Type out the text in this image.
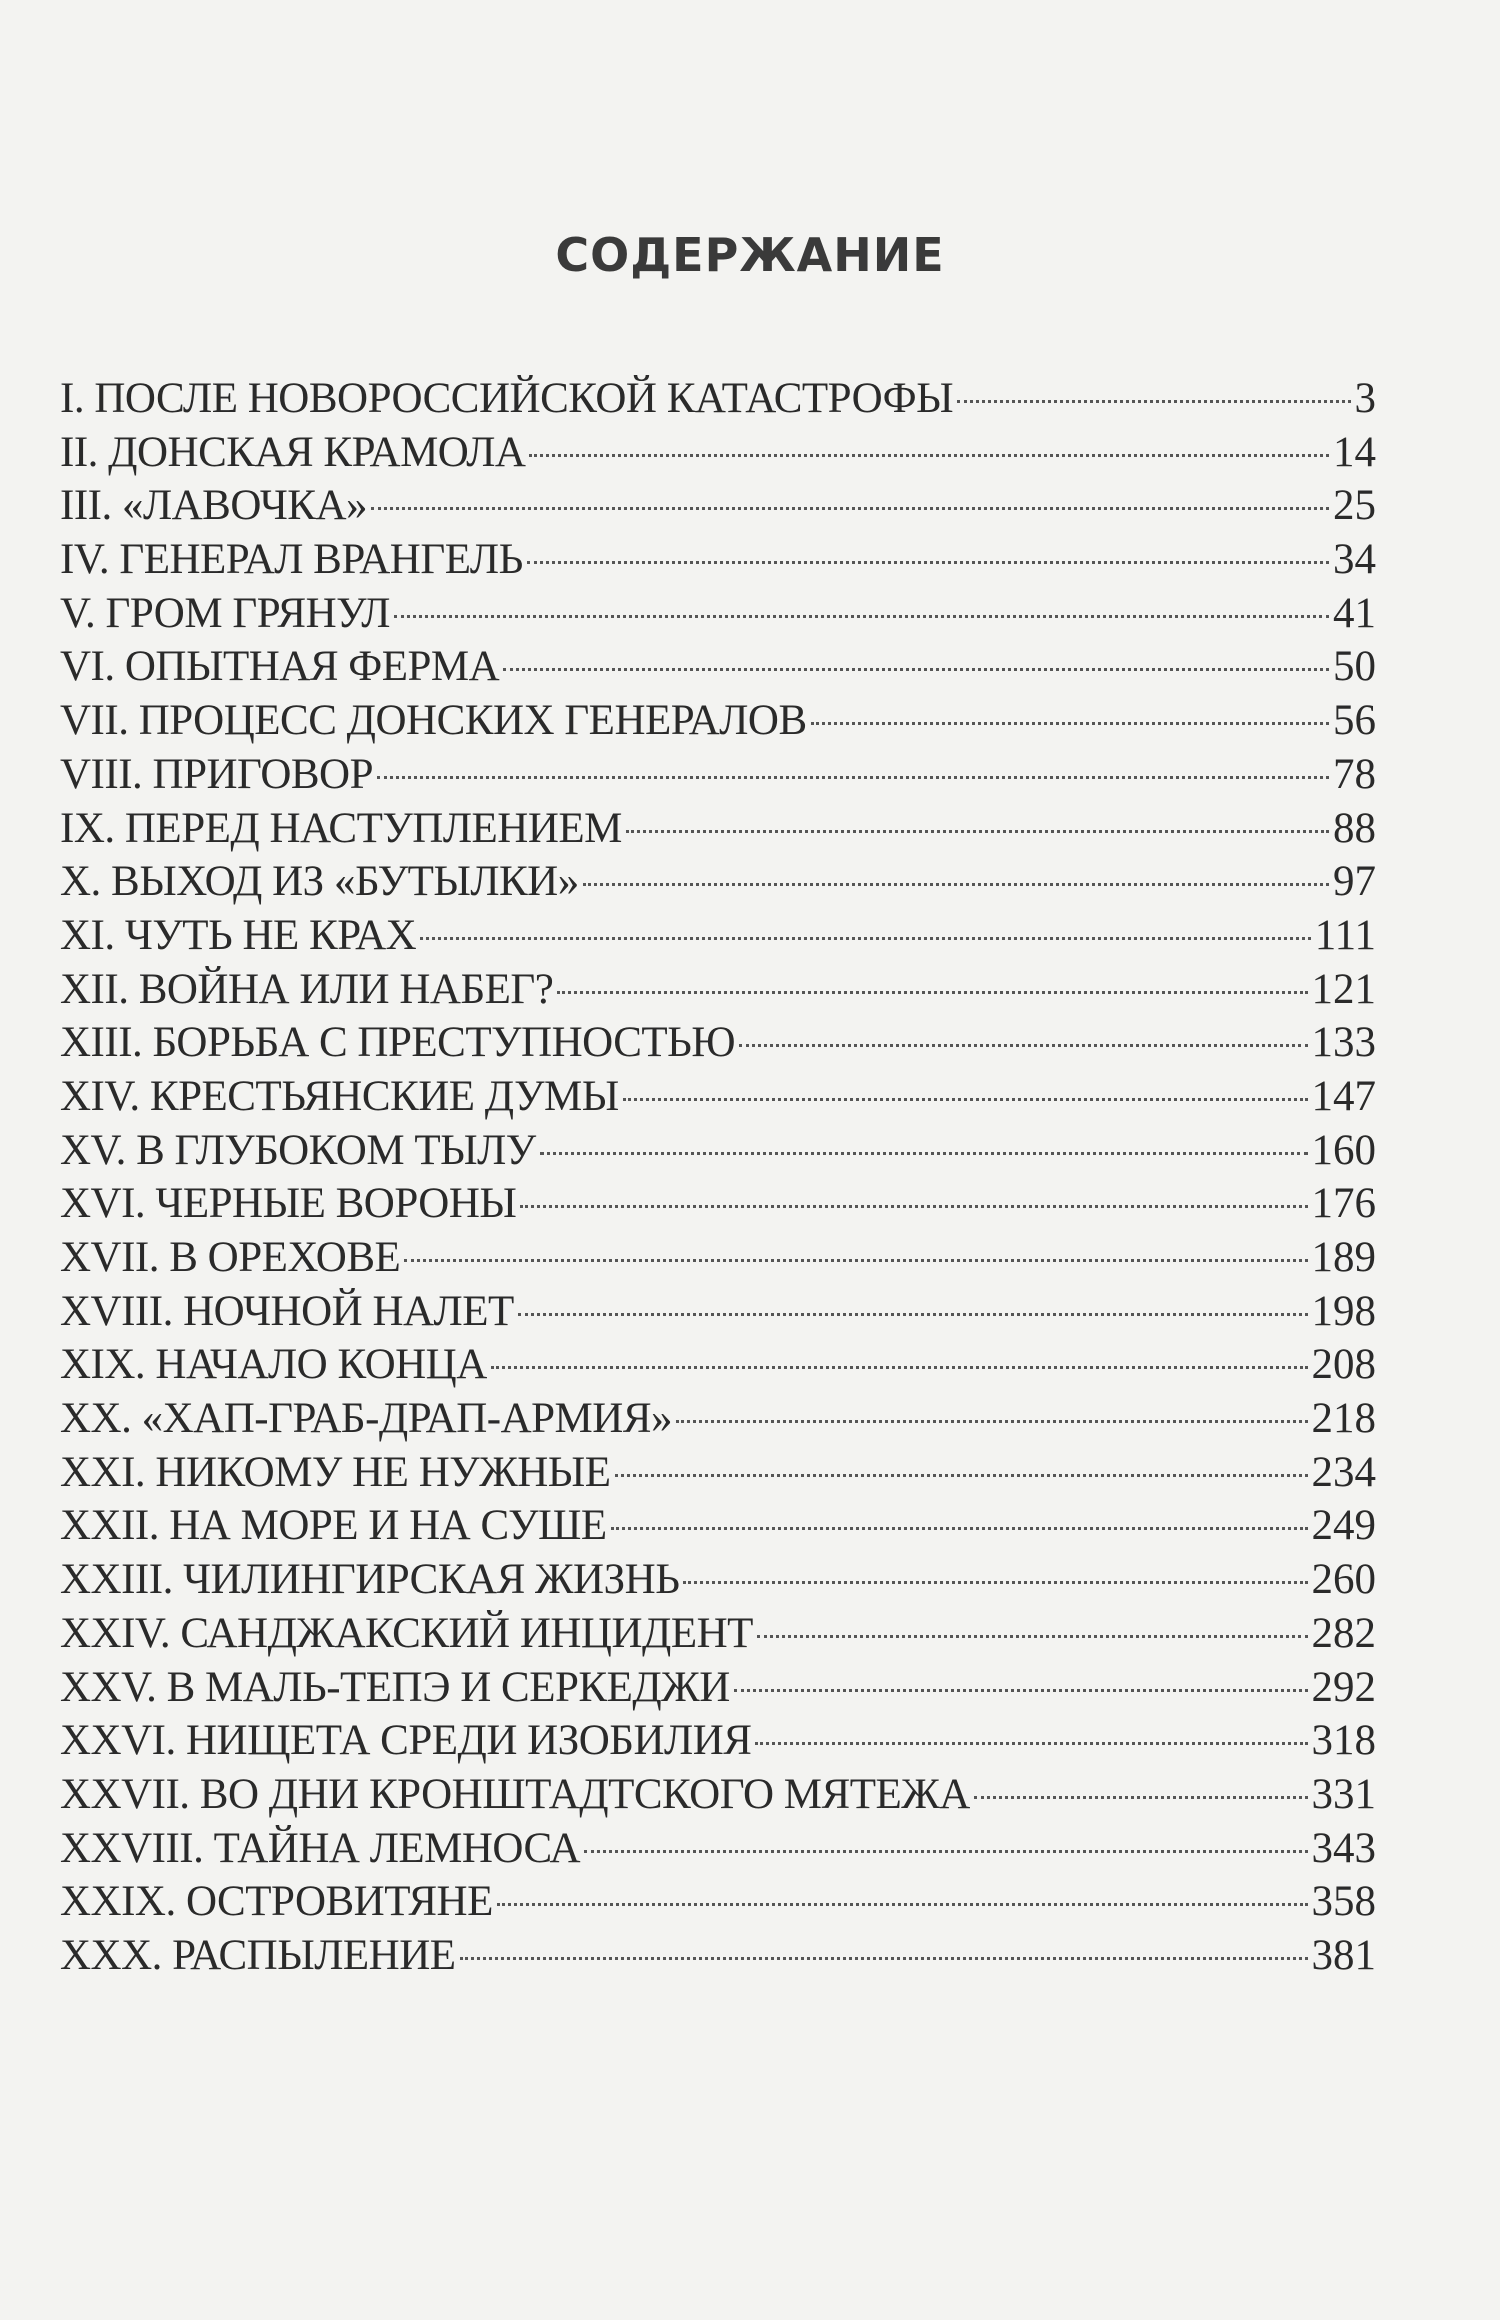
СОДЕРЖАНИЕ
I. ПОСЛЕ НОВОРОССИЙСКОЙ КАТАСТРОФЫ	3
II. ДОНСКАЯ КРАМОЛА	14
III. «ЛАВОЧКА»	25
IV. ГЕНЕРАЛ ВРАНГЕЛЬ	34
V. ГРОМ ГРЯНУЛ	41
VI. ОПЫТНАЯ ФЕРМА	50
VII. ПРОЦЕСС ДОНСКИХ ГЕНЕРАЛОВ	56
VIII. ПРИГОВОР	78
IX. ПЕРЕД НАСТУПЛЕНИЕМ	88
X. ВЫХОД ИЗ «БУТЫЛКИ»	97
XI. ЧУТЬ НЕ КРАХ	111
XII. ВОЙНА ИЛИ НАБЕГ?	121
XIII. БОРЬБА С ПРЕСТУПНОСТЬЮ	133
XIV. КРЕСТЬЯНСКИЕ ДУМЫ	147
XV. В ГЛУБОКОМ ТЫЛУ	160
XVI. ЧЕРНЫЕ ВОРОНЫ	176
XVII. В ОРЕХОВЕ	189
XVIII. НОЧНОЙ НАЛЕТ	198
XIX. НАЧАЛО КОНЦА	208
XX. «ХАП-ГРАБ-ДРАП-АРМИЯ»	218
XXI. НИКОМУ НЕ НУЖНЫЕ	234
XXII. НА МОРЕ И НА СУШЕ	249
XXIII. ЧИЛИНГИРСКАЯ ЖИЗНЬ	260
XXIV. САНДЖАКСКИЙ ИНЦИДЕНТ	282
XXV. В МАЛЬ-ТЕПЭ И СЕРКЕДЖИ	292
XXVI. НИЩЕТА СРЕДИ ИЗОБИЛИЯ	318
XXVII. ВО ДНИ КРОНШТАДТСКОГО МЯТЕЖА	331
XXVIII. ТАЙНА ЛЕМНОСА	343
XXIX. ОСТРОВИТЯНЕ	358
XXX. РАСПЫЛЕНИЕ	381
